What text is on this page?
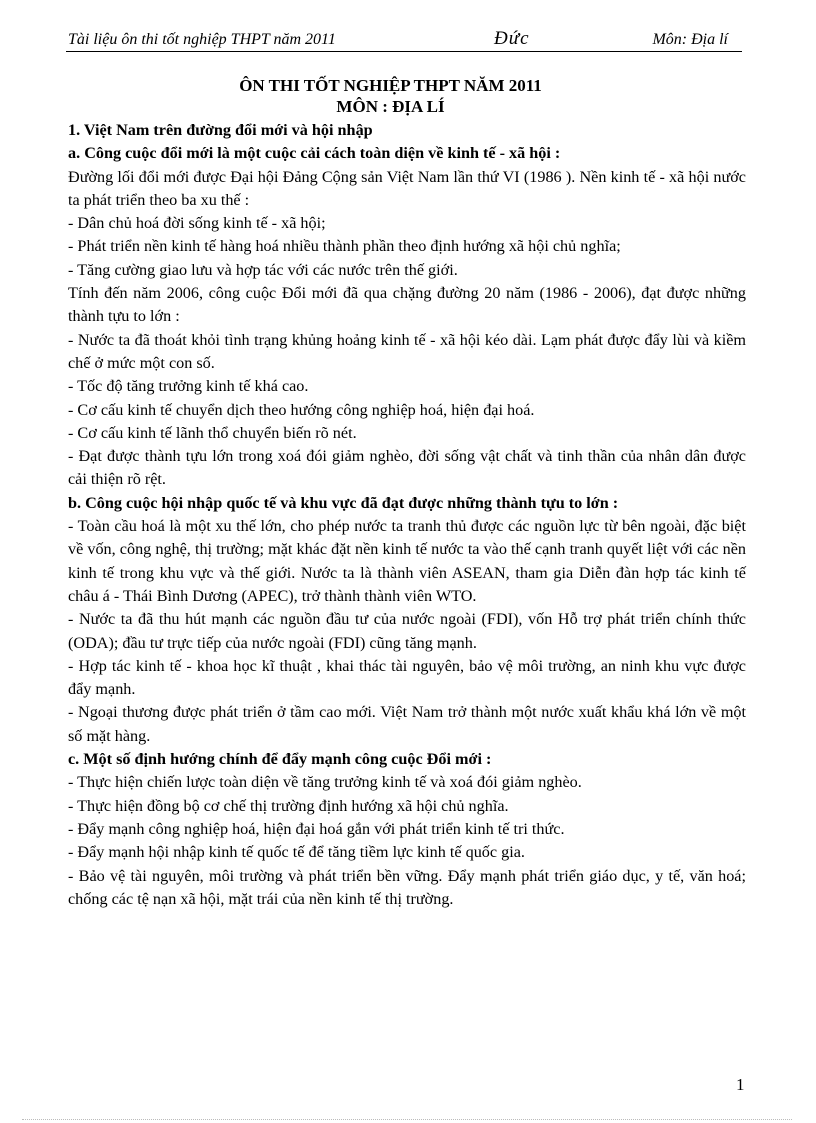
Tài liệu ôn thi tốt nghiệp THPT năm 2011	Đức	Môn: Địa lí
ÔN THI TỐT NGHIỆP THPT NĂM 2011
MÔN : ĐỊA LÍ

1. Việt Nam trên đường đổi mới và hội nhập

a. Công cuộc đổi mới là một cuộc cải cách toàn diện về kinh tế - xã hội :

Đường lối đổi mới được Đại hội Đảng Cộng sản Việt Nam lần thứ VI (1986 ). Nền kinh tế - xã hội nước ta phát triển theo ba xu thế :

- Dân chủ hoá đời sống kinh tế - xã hội;

- Phát triển nền kinh tế hàng hoá nhiều thành phần theo định hướng xã hội chủ nghĩa;

- Tăng cường giao lưu và hợp tác với các nước trên thế giới.

Tính đến năm 2006, công cuộc Đổi mới đã qua chặng đường 20 năm (1986 - 2006), đạt được những thành tựu to lớn :

- Nước ta đã thoát khỏi tình trạng khủng hoảng kinh tế - xã hội kéo dài. Lạm phát được đẩy lùi và kiềm chế ở mức một con số.

- Tốc độ tăng trưởng kinh tế khá cao.

- Cơ cấu kinh tế chuyển dịch theo hướng công nghiệp hoá, hiện đại hoá.

- Cơ cấu kinh tế lãnh thổ chuyển biến rõ nét.

- Đạt được thành tựu lớn trong xoá đói giảm nghèo, đời sống vật chất và tinh thần của nhân dân được cải thiện rõ rệt.

b. Công cuộc hội nhập quốc tế và khu vực đã đạt được những thành tựu to lớn :

- Toàn cầu hoá là một xu thế lớn, cho phép nước ta tranh thủ được các nguồn lực từ bên ngoài, đặc biệt về vốn, công nghệ, thị trường; mặt khác đặt nền kinh tế nước ta vào thế cạnh tranh quyết liệt với các nền kinh tế trong khu vực và thế giới. Nước ta là thành viên ASEAN, tham gia Diễn đàn hợp tác kinh tế châu á - Thái Bình Dương (APEC), trở thành thành viên WTO.

- Nước ta đã thu hút mạnh các nguồn đầu tư của nước ngoài (FDI), vốn Hỗ trợ phát triển chính thức (ODA); đầu tư trực tiếp của nước ngoài (FDI) cũng tăng mạnh.

- Hợp tác kinh tế - khoa học kĩ thuật , khai thác tài nguyên, bảo vệ môi trường, an ninh khu vực được đẩy mạnh.

- Ngoại thương được phát triển ở tầm cao mới. Việt Nam trở thành một nước xuất khẩu khá lớn về một số mặt hàng.

c. Một số định hướng chính để đẩy mạnh công cuộc Đổi mới :

- Thực hiện chiến lược toàn diện về tăng trưởng kinh tế và xoá đói giảm nghèo.

- Thực hiện đồng bộ cơ chế thị trường định hướng xã hội chủ nghĩa.

- Đẩy mạnh công nghiệp hoá, hiện đại hoá gắn với phát triển kinh tế tri thức.

- Đẩy mạnh hội nhập kinh tế quốc tế để tăng tiềm lực kinh tế quốc gia.

- Bảo vệ tài nguyên, môi trường và phát triển bền vững. Đẩy mạnh phát triển giáo dục, y tế, văn hoá; chống các tệ nạn xã hội, mặt trái của nền kinh tế thị trường.

1
